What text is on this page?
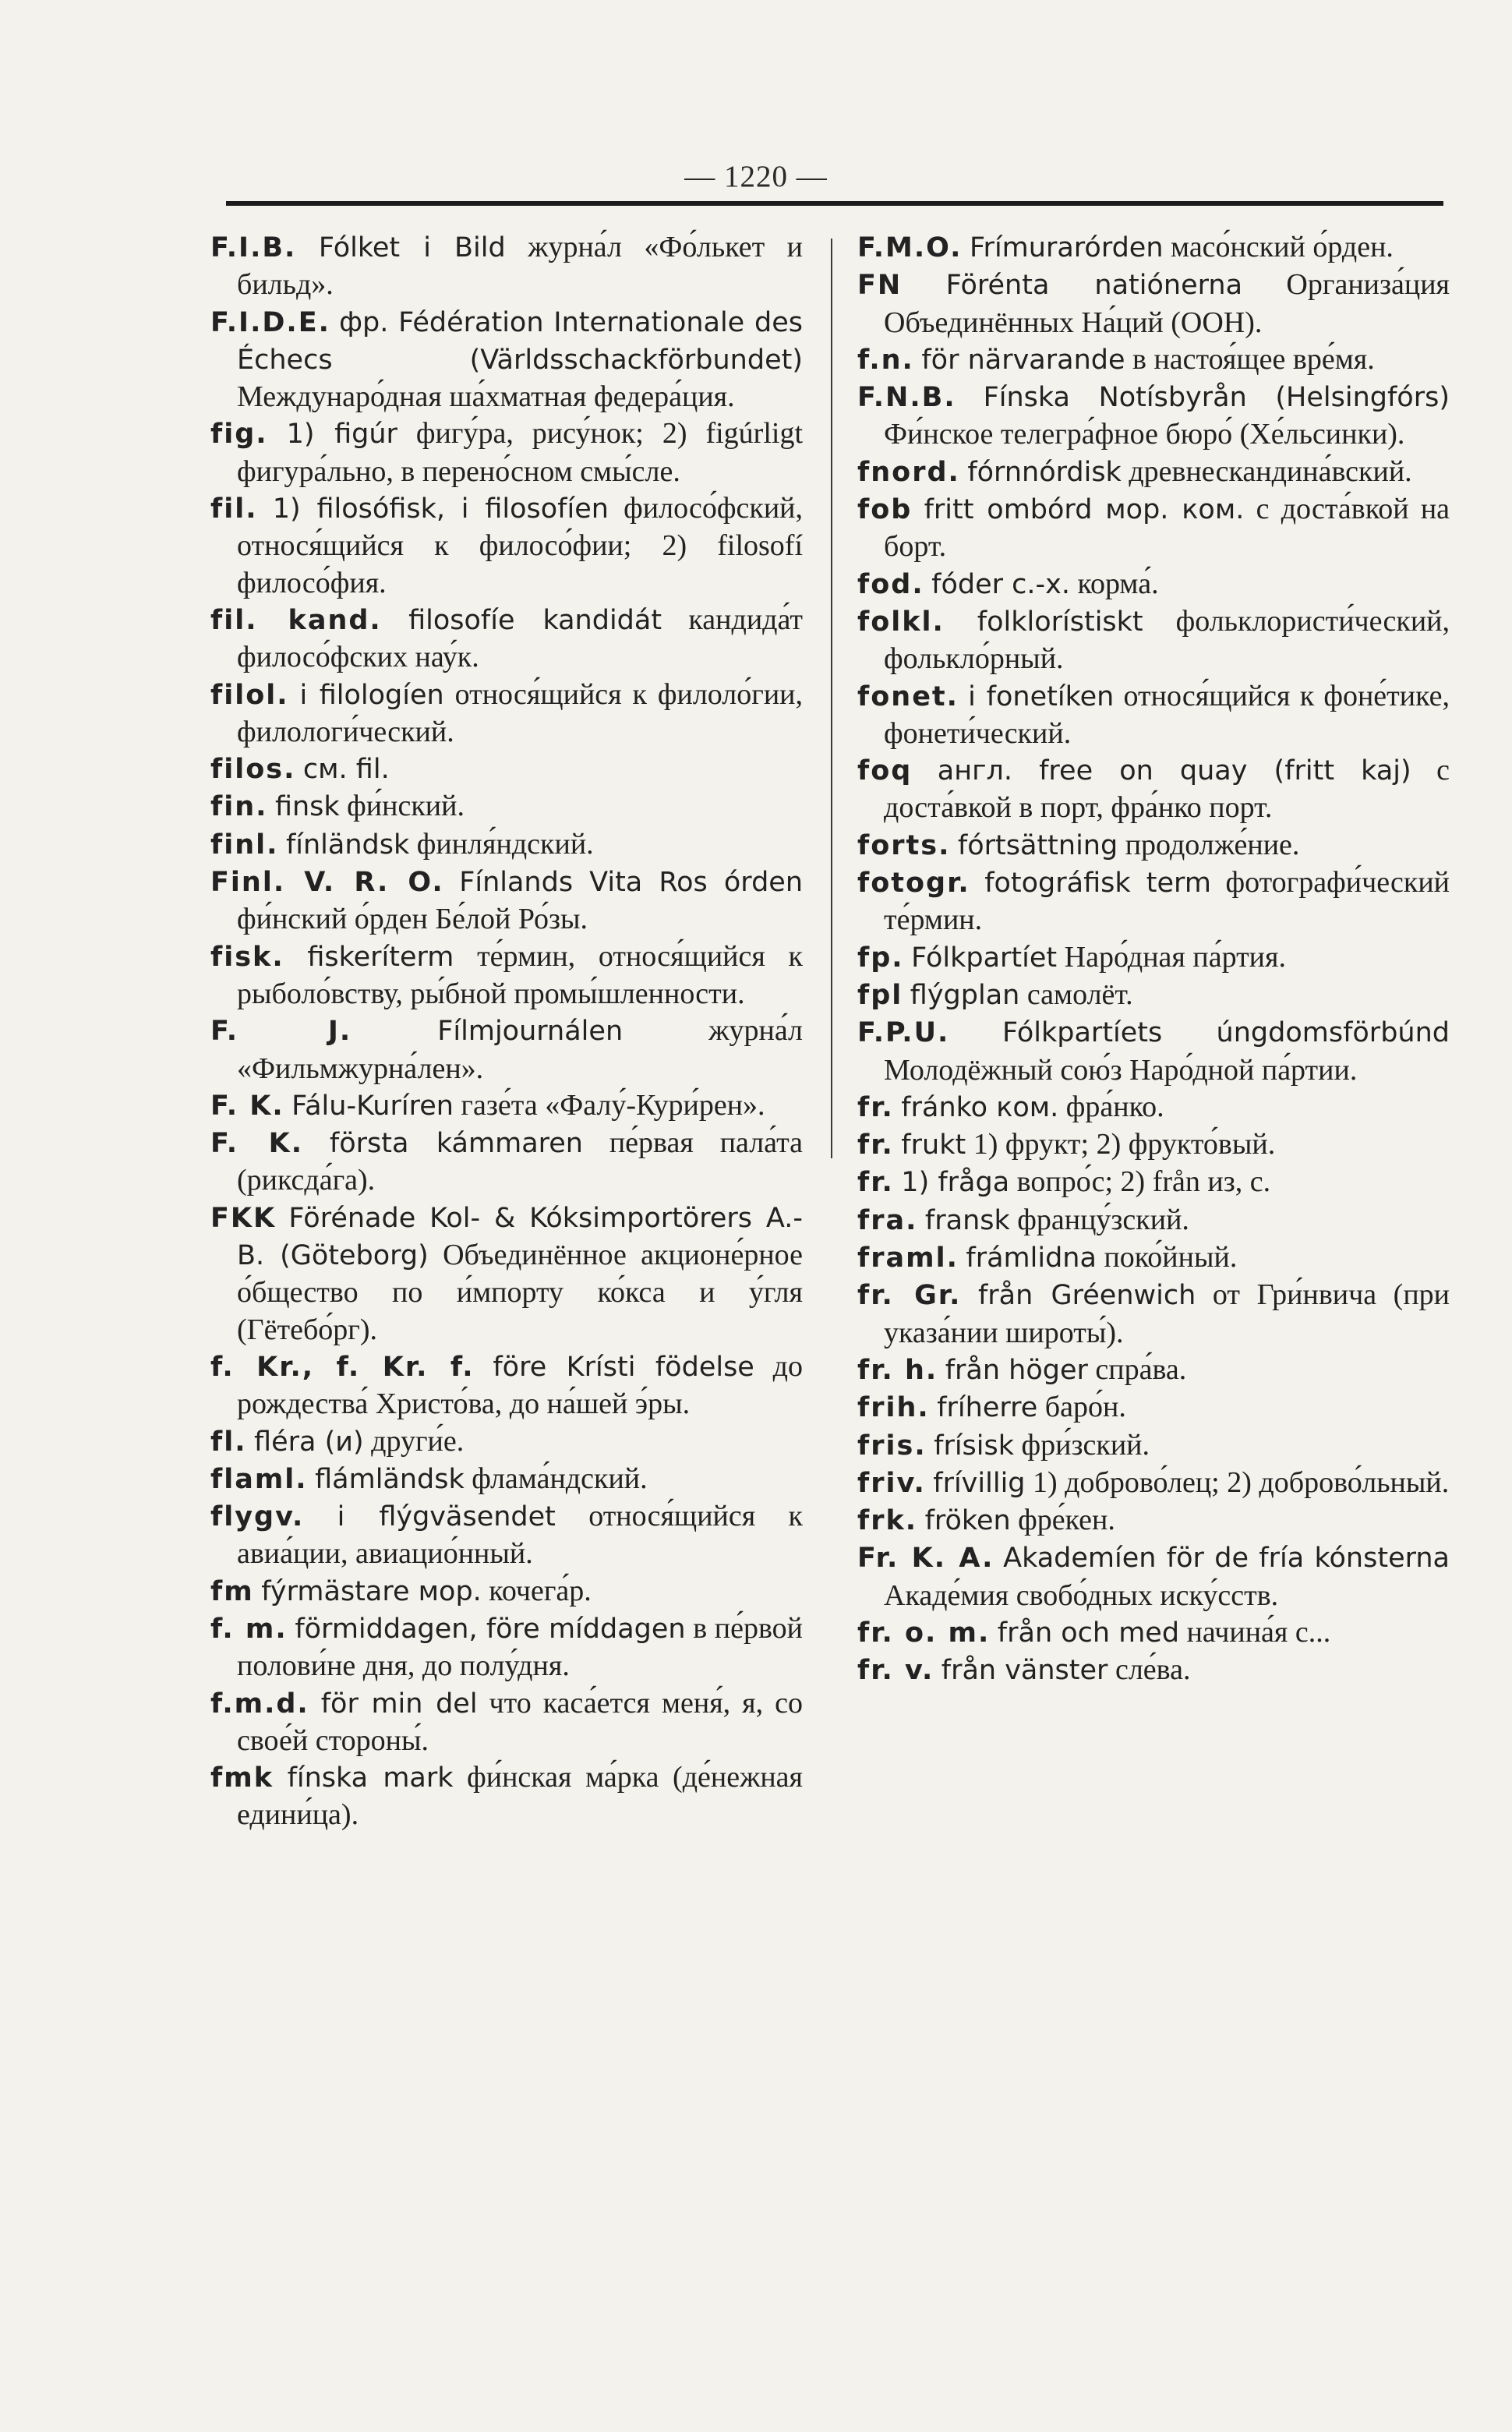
— 1220 —

F.I.B. Fólket i Bild журна́л «Фо́лькет и бильд».

F.I.D.E. фр. Fédération Internationale des Échecs (Världsschackförbundet) Междунаро́дная ша́хматная федера́ция.

fig. 1) figúr фигу́ра, рису́нок; 2) figúrligt фигура́льно, в перено́сном смы́сле.

fil. 1) filosófisk, i filosofíen филосо́фский, относя́щийся к филосо́фии; 2) filosofí филосо́фия.

fil. kand. filosofíe kandidát кандида́т филосо́фских нау́к.

filol. i filologíen относя́щийся к филоло́гии, филологи́ческий.

filos. см. fil.

fin. finsk фи́нский.

finl. fínländsk финля́ндский.

Finl. V. R. O. Fínlands Vita Ros órden фи́нский о́рден Бе́лой Ро́зы.

fisk. fiskeríterm те́рмин, относя́щийся к рыболо́вству, ры́бной промы́шленности.

F. J.	Fílmjournálen	журна́л «Фильмжурна́лен».

F. K. Fálu-Kuríren газе́та «Фалу́-Кури́рен».

F. K. första kámmaren пе́рвая пала́та (риксда́га).

FKK Förénade Kol- & Kóksimportörers A.-B. (Göteborg) Объединённое акционе́рное о́бщество по и́мпорту ко́кса и у́гля (Гётебо́рг).

f. Kr., f. Kr. f. före Krísti födelse до рождества́ Христо́ва, до на́шей э́ры.

fl. fléra (и) други́е.

flaml. flámländsk флама́ндский.

flygv. i flýgväsendet относя́щийся к авиа́ции, авиацио́нный.

fm fýrmästare мор. кочега́р.

f. m. förmiddagen, före míddagen в пе́рвой полови́не дня, до полу́дня.

f.m.d. för min del что каса́ется меня́, я, со свое́й стороны́.

fmk fínska mark фи́нская ма́рка (де́нежная едини́ца).

F.M.O. Frímurarórden масо́нский о́рден.

FN Förénta natiónerna Организа́ция Объединённых На́ций (ООН).

f.n. för närvarande в настоя́щее вре́мя.

F.N.B. Fínska Notísbyrån (Helsingfórs) Фи́нское телегра́фное бюро́ (Хе́льсинки).

fnord. fórnnórdisk древнескандина́вский.

fob fritt ombórd мор. ком. с доста́вкой на борт.

fod. fóder с.-х. корма́.

folkl. folklorístiskt фольклористи́ческий, фолькло́рный.

fonet. i fonetíken относя́щийся к фоне́тике, фонети́ческий.

foq англ. free on quay (fritt kaj) с доста́вкой в порт, фра́нко порт.

forts. fórtsättning продолже́ние.

fotogr. fotográfisk term фотографи́ческий те́рмин.

fp. Fólkpartíet Наро́дная па́ртия.

fpl flýgplan самолёт.

F.P.U. Fólkpartíets úngdomsförbúnd Молодёжный сою́з Наро́дной па́ртии.

fr. fránko ком. фра́нко.

fr. frukt 1) фрукт; 2) фрукто́вый.

fr. 1) fråga вопро́с; 2) från из, с.

fra. fransk францу́зский.

framl. frámlidna поко́йный.

fr. Gr. från Gréenwich от Гри́нвича (при указа́нии широты́).

fr. h. från höger спра́ва.

frih. fríherre баро́н.

fris. frísisk фри́зский.

friv. frívillig 1) доброво́лец; 2) доброво́льный.

frk. fröken фре́кен.

Fr. K. A. Akademíen för de fría kónsterna Акаде́мия свобо́дных иску́сств.

fr. o. m. från och med начина́я с...

fr. v. från vänster сле́ва.
